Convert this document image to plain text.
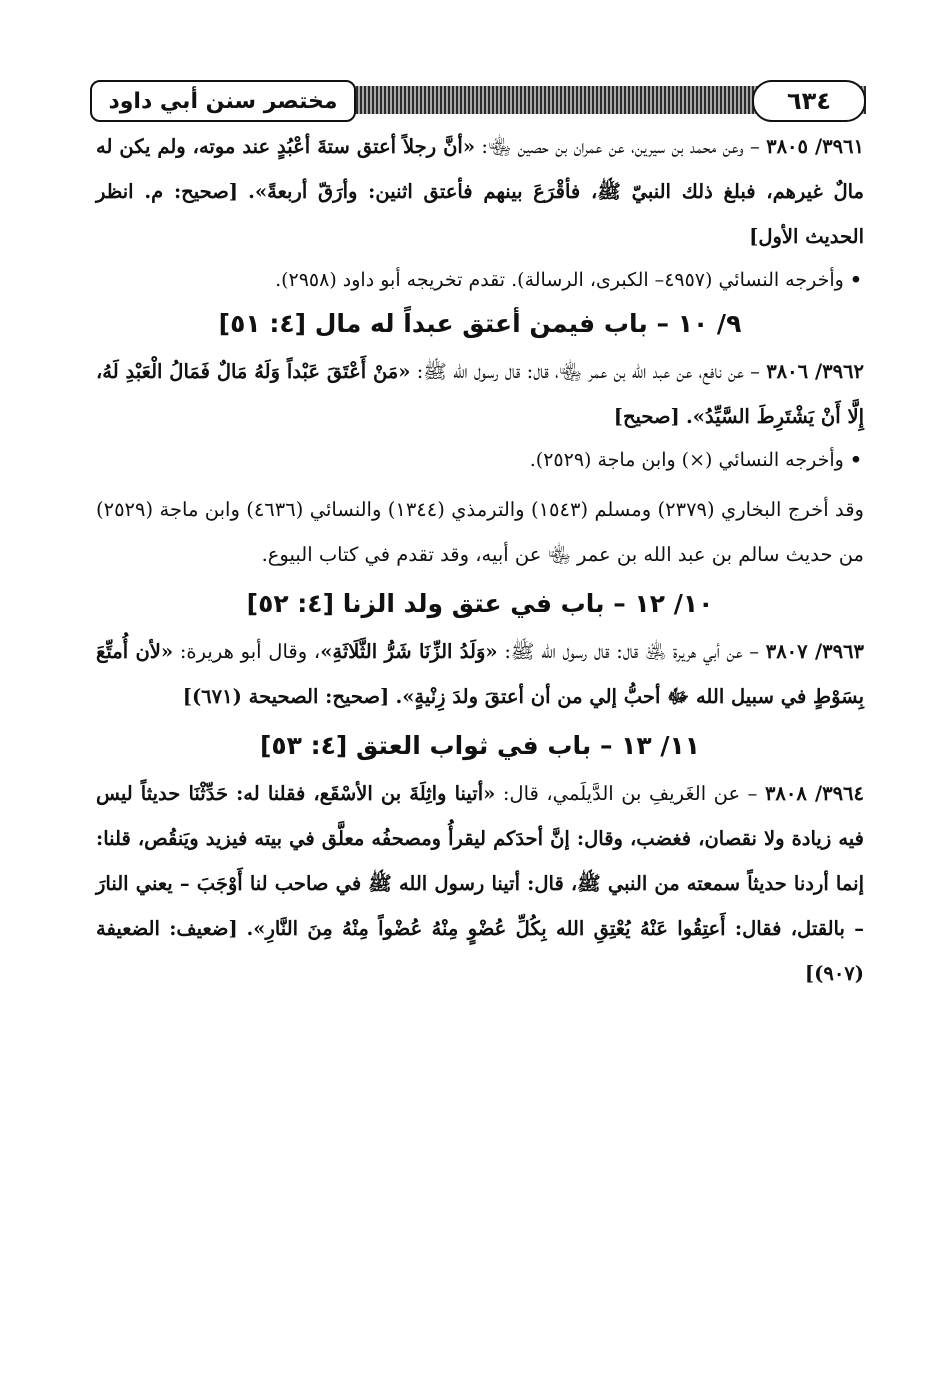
مختصر سنن أبي داود	٦٣٤

٣٩٦١/ ٣٨٠٥ – وعن محمد بن سيرين، عن عمران بن حصين ﵄: «أنَّ رجلاً أعتق ستةَ أعْبُدٍ عند موته، ولم يكن له مالٌ غيرهم، فبلغ ذلك النبيّ ﷺ، فأقْرَعَ بينهم فأعتق اثنين: وأرَقّ أربعةً». [صحيح: م. انظر الحديث الأول]

• وأخرجه النسائي (٤٩٥٧– الكبرى، الرسالة). تقدم تخريجه أبو داود (٢٩٥٨).

٩/ ١٠ – باب فيمن أعتق عبداً له مال [٤: ٥١]

٣٩٦٢/ ٣٨٠٦ – عن نافع، عن عبد الله بن عمر ﵄، قال: قال رسول الله ﷺ: «مَنْ أَعْتَقَ عَبْداً وَلَهُ مَالٌ فَمَالُ الْعَبْدِ لَهُ، إِلَّا أَنْ يَشْتَرِطَ السَّيِّدُ». [صحيح]

• وأخرجه النسائي (×) وابن ماجة (٢٥٢٩).

وقد أخرج البخاري (٢٣٧٩) ومسلم (١٥٤٣) والترمذي (١٣٤٤) والنسائي (٤٦٣٦) وابن ماجة (٢٥٢٩) من حديث سالم بن عبد الله بن عمر ﵄ عن أبيه، وقد تقدم في كتاب البيوع.

١٠/ ١٢ – باب في عتق ولد الزنا [٤: ٥٢]

٣٩٦٣/ ٣٨٠٧ – عن أبي هريرة ﵁ قال: قال رسول الله ﷺ: «وَلَدُ الزِّنَا شَرُّ الثَّلَاثَةِ»، وقال أبو هريرة: «لأن أُمتِّعَ بِسَوْطٍ في سبيل الله ﷻ أحبُّ إلي من أن أعتقَ ولدَ زِنْيةٍ». [صحيح: الصحيحة (٦٧١)]

١١/ ١٣ – باب في ثواب العتق [٤: ٥٣]

٣٩٦٤/ ٣٨٠٨ – عن الغَريفِ بن الدَّيلَمي، قال: «أتينا واثِلَةَ بن الأسْقَع، فقلنا له: حَدِّثْنَا حديثاً ليس فيه زيادة ولا نقصان، فغضب، وقال: إنَّ أحدَكم ليقرأُ ومصحفُه معلَّق في بيته فيزيد ويَنقُص، قلنا: إنما أردنا حديثاً سمعته من النبي ﷺ، قال: أتينا رسول الله ﷺ في صاحب لنا أَوْجَبَ – يعني النارَ – بالقتل، فقال: أَعتِقُوا عَنْهُ يُعْتِقِ الله بِكُلِّ عُضْوٍ مِنْهُ عُضْواً مِنْهُ مِنَ النَّارِ». [ضعيف: الضعيفة (٩٠٧)]
